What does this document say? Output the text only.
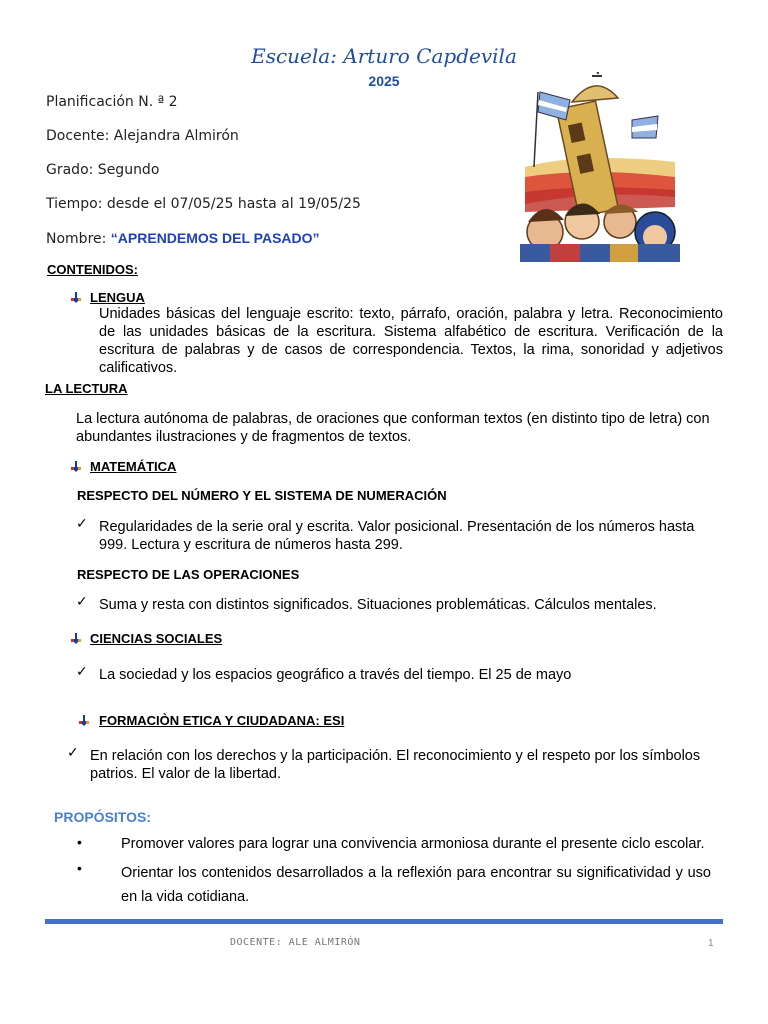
Escuela: Arturo Capdevila
2025
Planificación N. ª 2
Docente: Alejandra Almirón
Grado: Segundo
Tiempo: desde el 07/05/25 hasta al 19/05/25
Nombre: “APRENDEMOS DEL PASADO”
CONTENIDOS:
LENGUA
Unidades básicas del lenguaje escrito: texto, párrafo, oración, palabra y letra. Reconocimiento de las unidades básicas de la escritura. Sistema alfabético de escritura. Verificación de la escritura de palabras y de casos de correspondencia. Textos, la rima, sonoridad y adjetivos calificativos.
LA LECTURA
La lectura autónoma de palabras, de oraciones que conforman textos (en distinto tipo de letra) con abundantes ilustraciones y de fragmentos de textos.
MATEMÁTICA
RESPECTO DEL NÚMERO Y EL SISTEMA DE NUMERACIÓN
✓ Regularidades de la serie oral y escrita. Valor posicional. Presentación de los números hasta 999. Lectura y escritura de números hasta 299.
RESPECTO DE LAS OPERACIONES
✓ Suma y resta con distintos significados. Situaciones problemáticas. Cálculos mentales.
CIENCIAS SOCIALES
✓ La sociedad y los espacios geográfico a través del tiempo. El 25 de mayo
FORMACIÒN ETICA Y CIUDADANA: ESI
✓ En relación con los derechos y la participación. El reconocimiento y el respeto por los símbolos patrios. El valor de la libertad.
PROPÓSITOS:
•	Promover valores para lograr una convivencia armoniosa durante el presente ciclo escolar.
•	Orientar los contenidos desarrollados a la reflexión para encontrar su significatividad y uso en la vida cotidiana.
DOCENTE: ALE ALMIRÓN	1
